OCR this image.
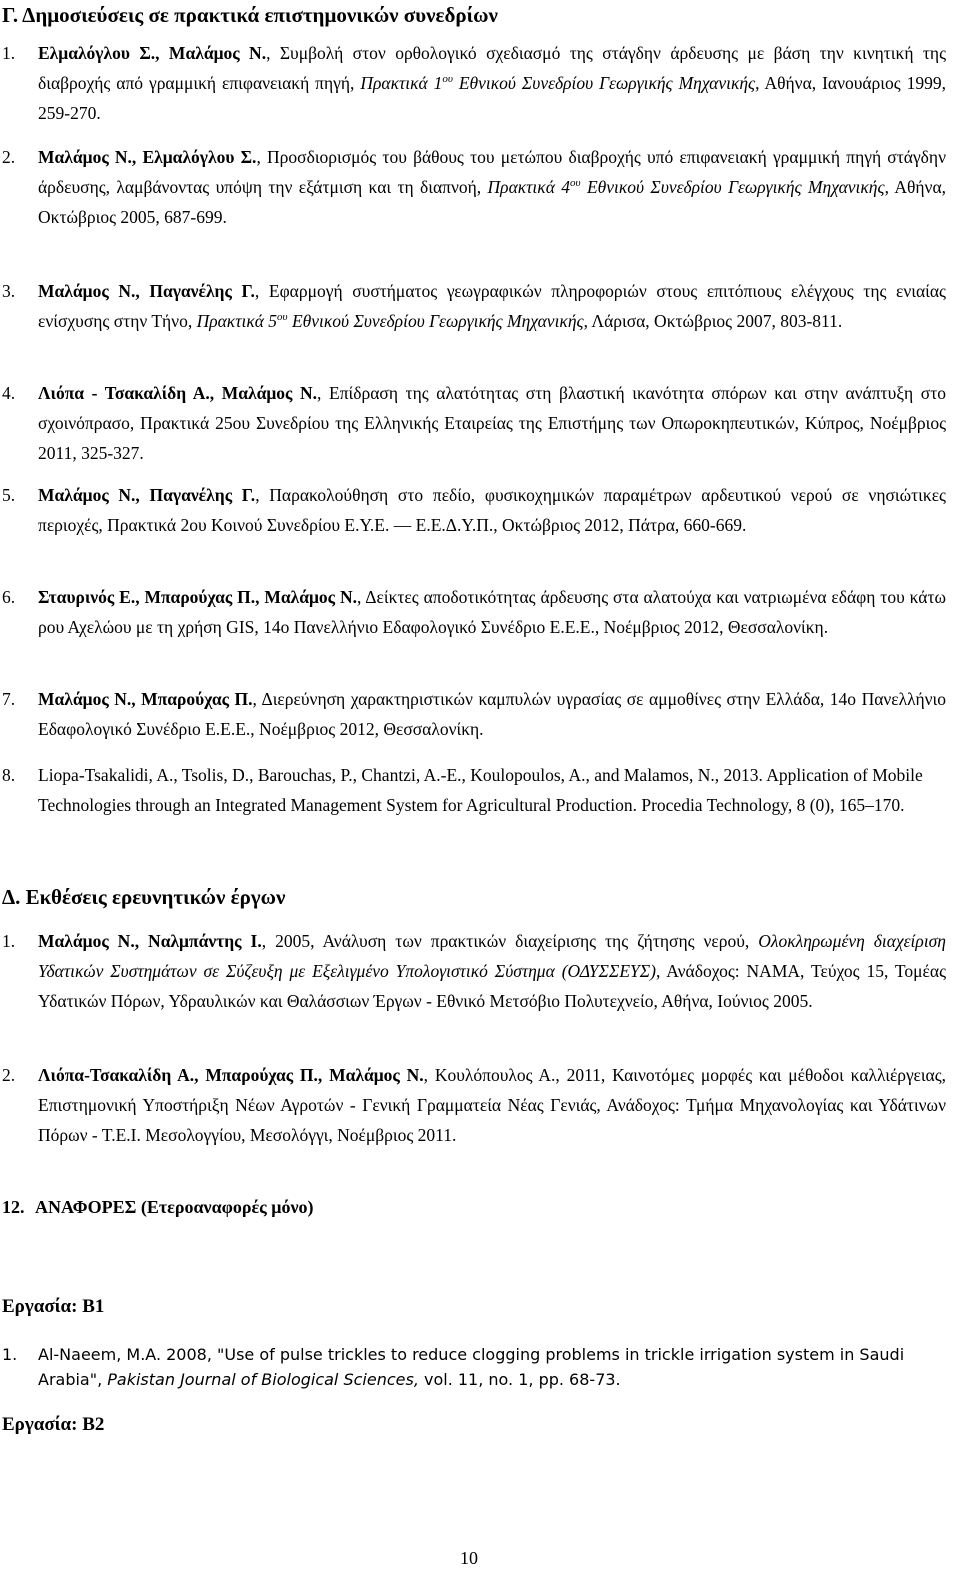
Γ. Δημοσιεύσεις σε πρακτικά επιστημονικών συνεδρίων
1. Ελμαλόγλου Σ., Μαλάμος Ν., Συμβολή στον ορθολογικό σχεδιασμό της στάγδην άρδευσης με βάση την κινητική της διαβροχής από γραμμική επιφανειακή πηγή, Πρακτικά $1^{o\upsilon}$ Εθνικού Συνεδρίου Γεωργικής Μηχανικής, Αθήνα, Ιανουάριος 1999, 259-270.
2. Μαλάμος Ν., Ελμαλόγλου Σ., Προσδιορισμός του βάθους του μετώπου διαβροχής υπό επιφανειακή γραμμική πηγή στάγδην άρδευσης, λαμβάνοντας υπόψη την εξάτμιση και τη διαπνοή, Πρακτικά $4^{o\upsilon}$ Εθνικού Συνεδρίου Γεωργικής Μηχανικής, Αθήνα, Οκτώβριος 2005, 687-699.
3. Μαλάμος Ν., Παγανέλης Γ., Εφαρμογή συστήματος γεωγραφικών πληροφοριών στους επιτόπιους ελέγχους της ενιαίας ενίσχυσης στην Τήνο, Πρακτικά $5^{o\upsilon}$ Εθνικού Συνεδρίου Γεωργικής Μηχανικής, Λάρισα, Οκτώβριος 2007, 803-811.
4. Λιόπα - Τσακαλίδη Α., Μαλάμος Ν., Επίδραση της αλατότητας στη βλαστική ικανότητα σπόρων και στην ανάπτυξη στο σχοινόπρασο, Πρακτικά 25ου Συνεδρίου της Ελληνικής Εταιρείας της Επιστήμης των Οπωροκηπευτικών, Κύπρος, Νοέμβριος 2011, 325-327.
5. Μαλάμος Ν., Παγανέλης Γ., Παρακολούθηση στο πεδίο, φυσικοχημικών παραμέτρων αρδευτικού νερού σε νησιώτικες περιοχές, Πρακτικά 2ου Κοινού Συνεδρίου Ε.Υ.Ε. — Ε.Ε.Δ.Υ.Π., Οκτώβριος 2012, Πάτρα, 660-669.
6. Σταυρινός Ε., Μπαρούχας Π., Μαλάμος Ν., Δείκτες αποδοτικότητας άρδευσης στα αλατούχα και νατριωμένα εδάφη του κάτω ρου Αχελώου με τη χρήση GIS, 14ο Πανελλήνιο Εδαφολογικό Συνέδριο Ε.Ε.Ε., Νοέμβριος 2012, Θεσσαλονίκη.
7. Μαλάμος Ν., Μπαρούχας Π., Διερεύνηση χαρακτηριστικών καμπυλών υγρασίας σε αμμοθίνες στην Ελλάδα, 14ο Πανελλήνιο Εδαφολογικό Συνέδριο Ε.Ε.Ε., Νοέμβριος 2012, Θεσσαλονίκη.
8. Liopa-Tsakalidi, A., Tsolis, D., Barouchas, P., Chantzi, A.-E., Koulopoulos, A., and Malamos, N., 2013. Application of Mobile Technologies through an Integrated Management System for Agricultural Production. Procedia Technology, 8 (0), 165–170.
Δ. Εκθέσεις ερευνητικών έργων
1. Μαλάμος Ν., Ναλμπάντης Ι., 2005, Ανάλυση των πρακτικών διαχείρισης της ζήτησης νερού, Ολοκληρωμένη διαχείριση Υδατικών Συστημάτων σε Σύζευξη με Εξελιγμένο Υπολογιστικό Σύστημα (ΟΔΥΣΣΕΥΣ), Ανάδοχος: ΝΑΜΑ, Τεύχος 15, Τομέας Υδατικών Πόρων, Υδραυλικών και Θαλάσσιων Έργων - Εθνικό Μετσόβιο Πολυτεχνείο, Αθήνα, Ιούνιος 2005.
2. Λιόπα-Τσακαλίδη Α., Μπαρούχας Π., Μαλάμος Ν., Κουλόπουλος Α., 2011, Καινοτόμες μορφές και μέθοδοι καλλιέργειας, Επιστημονική Υποστήριξη Νέων Αγροτών - Γενική Γραμματεία Νέας Γενιάς, Ανάδοχος: Τμήμα Μηχανολογίας και Υδάτινων Πόρων - Τ.Ε.Ι. Μεσολογγίου, Μεσολόγγι, Νοέμβριος 2011.
12. ΑΝΑΦΟΡΕΣ (Ετεροαναφορές μόνο)
Εργασία: Β1
1. Al-Naeem, M.A. 2008, "Use of pulse trickles to reduce clogging problems in trickle irrigation system in Saudi Arabia", Pakistan Journal of Biological Sciences, vol. 11, no. 1, pp. 68-73.
Εργασία: Β2
10
